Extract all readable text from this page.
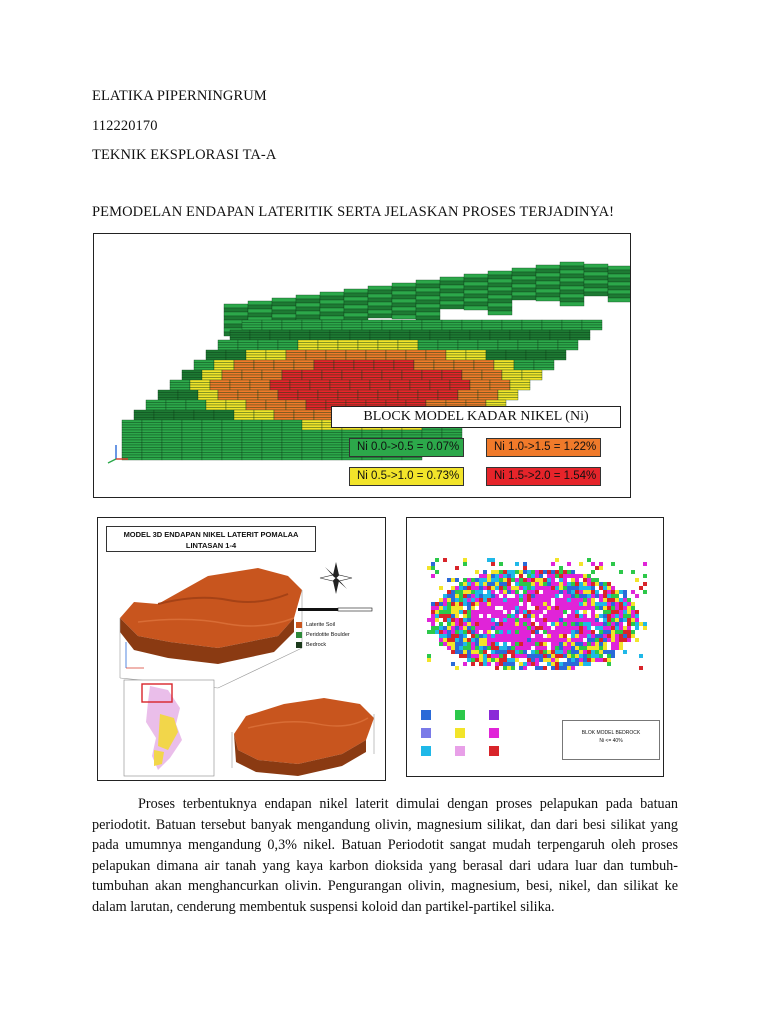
ELATIKA PIPERNINGRUM
112220170
TEKNIK EKSPLORASI TA-A
PEMODELAN ENDAPAN LATERITIK SERTA JELASKAN PROSES TERJADINYA!
BLOCK MODEL KADAR NIKEL (Ni)
Ni 0.0->0.5 = 0.07%	Ni 1.0->1.5 = 1.22%
Ni 0.5->1.0 = 0.73%	Ni 1.5->2.0 = 1.54%
MODEL 3D ENDAPAN NIKEL LATERIT POMALAA
LINTASAN 1-4
Laterite Soil
Peridotite Boulder
Bedrock
BLOK MODEL BEDROCK
Ni <= 40%
Proses terbentuknya endapan nikel laterit dimulai dengan proses pelapukan pada batuan periodotit. Batuan tersebut banyak mengandung olivin, magnesium silikat, dan dari besi silikat yang pada umumnya mengandung 0,3% nikel. Batuan Periodotit sangat mudah terpengaruh oleh proses pelapukan dimana air tanah yang kaya karbon dioksida yang berasal dari udara luar dan tumbuh-tumbuhan akan menghancurkan olivin. Pengurangan olivin, magnesium, besi, nikel, dan silikat ke dalam larutan, cenderung membentuk suspensi koloid dan partikel-partikel silika.
